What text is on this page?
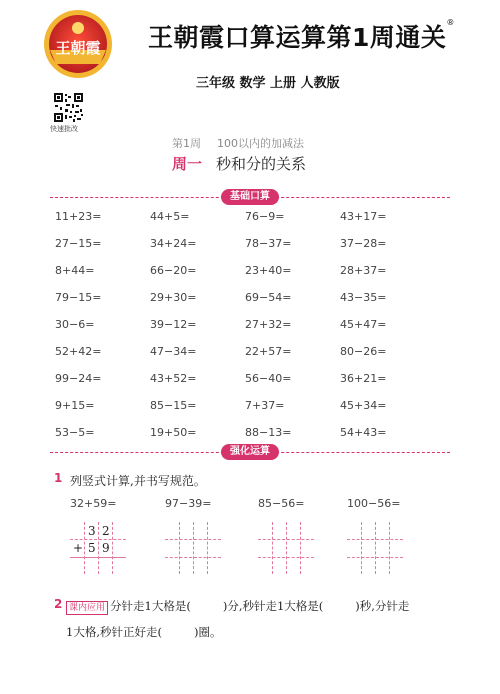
王朝霞 王朝霞口算运算第1周通关®
三年级 数学 上册 人教版
快速批改
第1周 100以内的加减法
周一 秒和分的关系
基础口算
11+23=	44+5=	76−9=	43+17=
27−15=	34+24=	78−37=	37−28=
8+44=	66−20=	23+40=	28+37=
79−15=	29+30=	69−54=	43−35=
30−6=	39−12=	27+32=	45+47=
52+42=	47−34=	22+57=	80−26=
99−24=	43+52=	56−40=	36+21=
9+15=	85−15=	7+37=	45+34=
53−5=	19+50=	88−13=	54+43=
强化运算
1 列竖式计算,并书写规范。
32+59=	97−39=	85−56=	100−56=
3 2
+ 5 9
2 课内应用 分针走1大格是(	)分,秒针走1大格是(	)秒,分针走
1大格,秒针正好走(	)圈。
